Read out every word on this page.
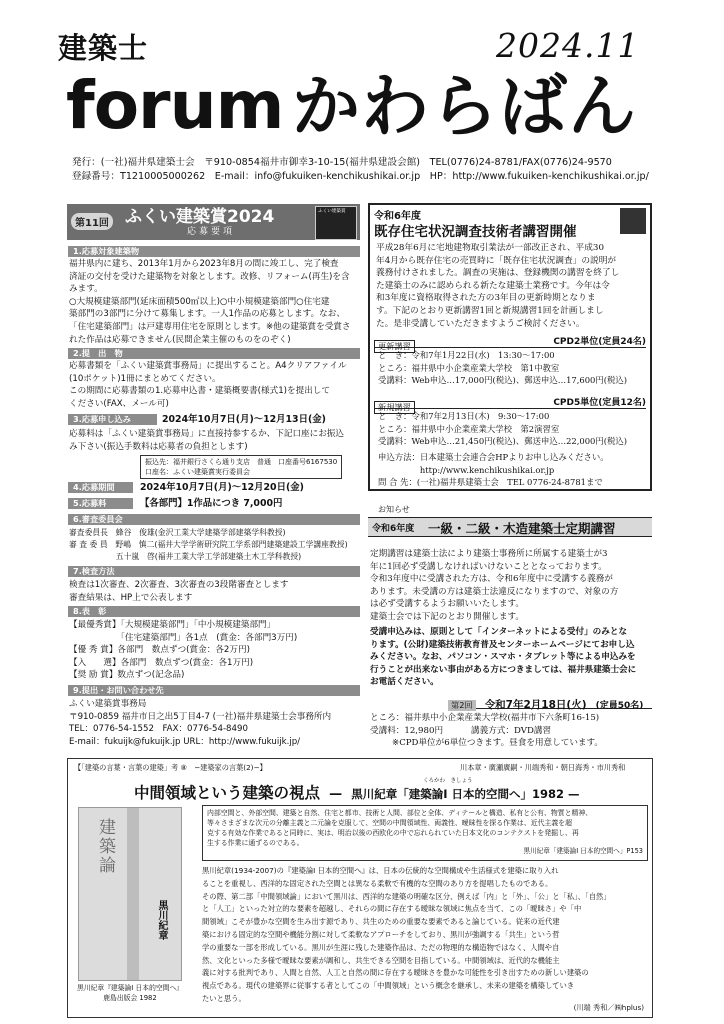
建築士	2024.11
forum かわらばん
発行：(一社)福井県建築士会　〒910-0854福井市御幸3-10-15(福井県建設会館)　TEL(0776)24-8781/FAX(0776)24-9570
登録番号：T1210005000262　E-mail：info@fukuiken-kenchikushikai.or.jp　HP：http://www.fukuiken-kenchikushikai.or.jp/
第11回 ふくい建築賞2024
応募要項
ふくい建築賞
1.応募対象建築物
福井県内に建ち、2013年1月から2023年8月の間に竣工し、完了検査
済証の交付を受けた建築物を対象とします。改修、リフォーム(再生)を含
みます。
○大規模建築部門(延床面積500㎡以上)○中小規模建築部門○住宅建
築部門の3部門に分けて募集します。一人1作品の応募とします。なお、
「住宅建築部門」は戸建専用住宅を原則とします。※他の建築賞を受賞さ
れた作品は応募できません(民間企業主催のものをのぞく)
2.提　出　物
応募書類を「ふくい建築賞事務局」に提出すること。A4クリアファイル
(10ポケット)1冊にまとめてください。
この期間に応募書類の1.応募申込書・建築概要書(様式1)を提出して
ください(FAX、メール可)
3.応募申し込み	2024年10月7日(月)〜12月13日(金)
応募料は「ふくい建築賞事務局」に直接持参するか、下記口座にお振込
み下さい(振込手数料は応募者の負担とします)
振込先：福井銀行さくら通り支店　普通　口座番号6167530
口座名：ふくい建築賞実行委員会
4.応募期間	2024年10月7日(月)〜12月20日(金)
5.応募料	【各部門】1作品につき 7,000円
6.審査委員会
審査委員長　蜂谷　俊雄(金沢工業大学建築学部建築学科教授)
審 査 委 員　野嶋　慎二(福井大学学術研究院工学系部門建築建設工学講座教授)
　　　　　　五十嵐　啓(福井工業大学工学部建築土木工学科教授)
7.検査方法
検査は1次審査、2次審査、3次審査の3段階審査とします
審査結果は、HP上で公表します
8.表　彰
【最優秀賞】「大規模建築部門」「中小規模建築部門」
　　　　　　「住宅建築部門」各1点　(賞金：各部門3万円)
【優 秀 賞】各部門　数点ずつ(賞金：各2万円)
【入　　選】各部門　数点ずつ(賞金：各1万円)
【奨 励 賞】数点ずつ(記念品)
9.提出・お問い合わせ先
ふくい建築賞事務局
〒910-0859 福井市日之出5丁目4-7 (一社)福井県建築士会事務所内
TEL：0776-54-1552　FAX：0776-54-8490
E-mail：fukuijk@fukuijk.jp URL：http://www.fukuijk.jp/
令和6年度
既存住宅状況調査技術者講習開催
平成28年6月に宅地建物取引業法が一部改正され、平成30
年4月から既存住宅の売買時に「既存住宅状況調査」の説明が
義務付けされました。調査の実施は、登録機関の講習を終了し
た建築士のみに認められる新たな建築士業務です。今年は令
和3年度に資格取得された方の3年目の更新時期となりま
す。下記のとおり更新講習1回と新規講習1回を計画しまし
た。是非受講していただきますようご検討ください。
更新講習	CPD2単位(定員24名)
と　き：令和7年1月22日(水)　13:30〜17:00
ところ：福井県中小企業産業大学校　第1中教室
受講料：Web申込…17,000円(税込)、郵送申込…17,600円(税込)
新規講習	CPD5単位(定員12名)
と　き：令和7年2月13日(木)　9:30〜17:00
ところ：福井県中小企業産業大学校　第2演習室
受講料：Web申込…21,450円(税込)、郵送申込…22,000円(税込)
申込方法：日本建築士会連合会HPよりお申し込みください。
　　　　　http://www.kenchikushikai.or.jp
問 合 先：(一社)福井県建築士会　TEL 0776-24-8781まで
お知らせ
令和6年度 一級・二級・木造建築士定期講習
定期講習は建築士法により建築士事務所に所属する建築士が3
年に1回必ず受講しなければいけないこととなっております。
令和3年度中に受講された方は、令和6年度中に受講する義務が
あります。未受講の方は建築士法違反になりますので、対象の方
は必ず受講するようお願いいたします。
建築士会では下記のとおり開催します。
受講申込みは、原則として「インターネットによる受付」のみとな
ります。(公財)建築技術教育普及センターホームページにてお申し込
みください。なお、パソコン・スマホ・タブレット等による申込みを
行うことが出来ない事由がある方につきましては、福井県建築士会に
お電話ください。
第2回 令和7年2月18日(火) (定員50名)
ところ：福井県中小企業産業大学校(福井市下六条町16-15)
受講料：12,980円	講義方式：DVD講習
※CPD単位が6単位つきます。昼食を用意しています。
【「建築の言葉・言葉の建築」考 ⑧　−建築家の言葉(2)−】	川本章・廣瀬廣嗣・川端秀和・朝日海秀・市川秀和
くろかわ　きしょう
中間領域という建築の視点 — 黒川紀章「建築論Ⅰ 日本的空間へ」1982 —
建築論
黒川紀章
黒川紀章『建築論Ⅰ 日本的空間へ』
鹿島出版会 1982
内部空間と、外部空間、建築と自然、住宅と都市、技術と人間、部位と全体、ディテールと構造、私有と公有、物質と精神、
等々さまざまな次元の分離主義と二元論を克服して、空間の中間領域性、両義性、曖昧性を探る作業は、近代主義を超
克する有効な作業であると同時に、実は、明治以後の西欧化の中で忘れられていた日本文化のコンテクストを発掘し、再
生する作業に通ずるのである。
黒川紀章「建築論Ⅰ 日本的空間へ」P153
黒川紀章(1934-2007)の『建築論Ⅰ 日本的空間へ』は、日本の伝統的な空間構成や生活様式を建築に取り入れ
ることを重視し、西洋的な固定された空間とは異なる柔軟で有機的な空間のあり方を提唱したものである。
その際、第二部「中間領域論」において黒川は、西洋的な建築の明確な区分、例えば「内」と「外」、「公」と「私」、「自然」
と「人工」といった対立的な要素を超越し、それらの間に存在する曖昧な領域に焦点を当て、この「曖昧さ」や「中
間領域」こそが豊かな空間を生み出す源であり、共生のための重要な要素であると論じている。従来の近代建
築における固定的な空間や機能分割に対して柔軟なアプローチをしており、黒川が強調する「共生」という哲
学の重要な一部を形成している。黒川が生涯に残した建築作品は、ただの物理的な構造物ではなく、人間や自
然、文化といった多様で曖昧な要素が調和し、共生できる空間を目指している。中間領域は、近代的な機能主
義に対する批判であり、人間と自然、人工と自然の間に存在する曖昧さを豊かな可能性を引き出すための新しい建築の
視点である。現代の建築界に従事する者としてこの「中間領域」という概念を継承し、未来の建築を構築していき
たいと思う。
(川端 秀和／㈱hplus)
